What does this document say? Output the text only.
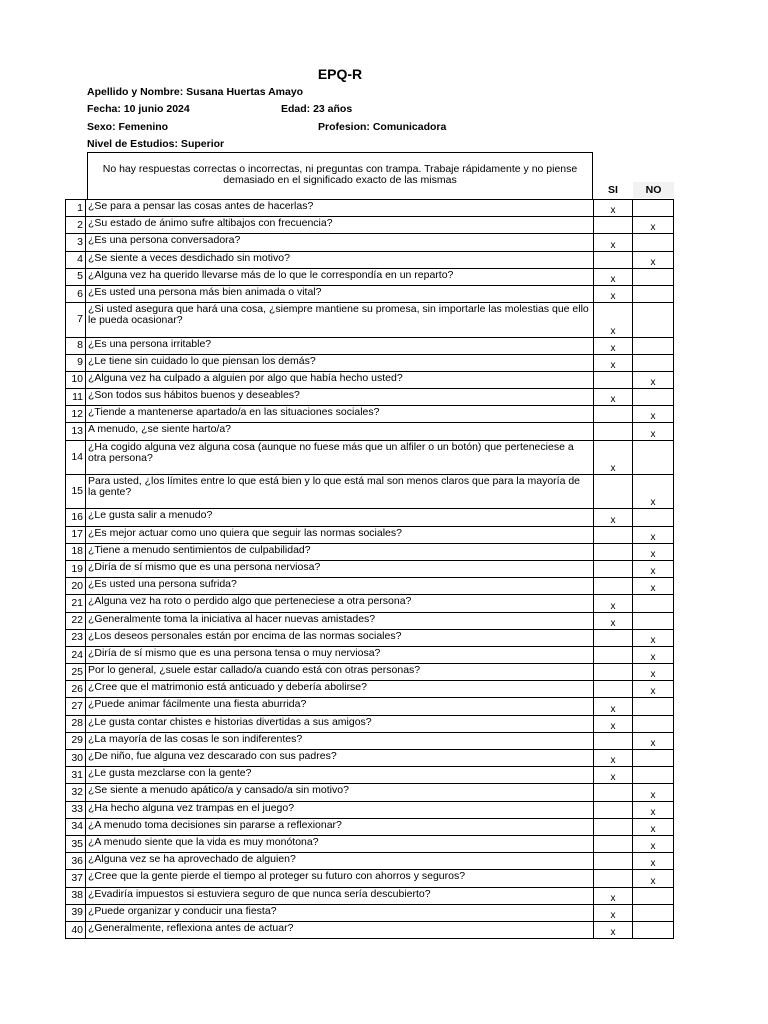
EPQ-R
Apellido y Nombre: Susana Huertas Amayo
Fecha: 10 junio 2024	Edad: 23 años
Sexo: Femenino	Profesion: Comunicadora
Nivel de Estudios: Superior
No hay respuestas correctas o incorrectas, ni preguntas con trampa. Trabaje rápidamente y no piense demasiado en el significado exacto de las mismas
SI	NO
1	¿Se para a pensar las cosas antes de hacerlas?	x	
2	¿Su estado de ánimo sufre altibajos con frecuencia?		x
3	¿Es una persona conversadora?	x	
4	¿Se siente a veces desdichado sin motivo?		x
5	¿Alguna vez ha querido llevarse más de lo que le correspondía en un reparto?	x	
6	¿Es usted una persona más bien animada o vital?	x	
7	¿Si usted asegura que hará una cosa, ¿siempre mantiene su promesa, sin importarle las molestias que ello le pueda ocasionar?	x	
8	¿Es una persona irritable?	x	
9	¿Le tiene sin cuidado lo que piensan los demás?	x	
10	¿Alguna vez ha culpado a alguien por algo que había hecho usted?		x
11	¿Son todos sus hábitos buenos y deseables?	x	
12	¿Tiende a mantenerse apartado/a en las situaciones sociales?		x
13	A menudo, ¿se siente harto/a?		x
14	¿Ha cogido alguna vez alguna cosa (aunque no fuese más que un alfiler o un botón) que perteneciese a otra persona?	x	
15	Para usted, ¿los límites entre lo que está bien y lo que está mal son menos claros que para la mayoría de la gente?		x
16	¿Le gusta salir a menudo?	x	
17	¿Es mejor actuar como uno quiera que seguir las normas sociales?		x
18	¿Tiene a menudo sentimientos de culpabilidad?		x
19	¿Diría de sí mismo que es una persona nerviosa?		x
20	¿Es usted una persona sufrida?		x
21	¿Alguna vez ha roto o perdido algo que perteneciese a otra persona?	x	
22	¿Generalmente toma la iniciativa al hacer nuevas amistades?	x	
23	¿Los deseos personales están por encima de las normas sociales?		x
24	¿Diría de sí mismo que es una persona tensa o muy nerviosa?		x
25	Por lo general, ¿suele estar callado/a cuando está con otras personas?		x
26	¿Cree que el matrimonio está anticuado y debería abolirse?		x
27	¿Puede animar fácilmente una fiesta aburrida?	x	
28	¿Le gusta contar chistes e historias divertidas a sus amigos?	x	
29	¿La mayoría de las cosas le son indiferentes?		x
30	¿De niño, fue alguna vez descarado con sus padres?	x	
31	¿Le gusta mezclarse con la gente?	x	
32	¿Se siente a menudo apático/a y cansado/a sin motivo?		x
33	¿Ha hecho alguna vez trampas en el juego?		x
34	¿A menudo toma decisiones sin pararse a reflexionar?		x
35	¿A menudo siente que la vida es muy monótona?		x
36	¿Alguna vez se ha aprovechado de alguien?		x
37	¿Cree que la gente pierde el tiempo al proteger su futuro con ahorros y seguros?		x
38	¿Evadiría impuestos si estuviera seguro de que nunca sería descubierto?	x	
39	¿Puede organizar y conducir una fiesta?	x	
40	¿Generalmente, reflexiona antes de actuar?	x	
